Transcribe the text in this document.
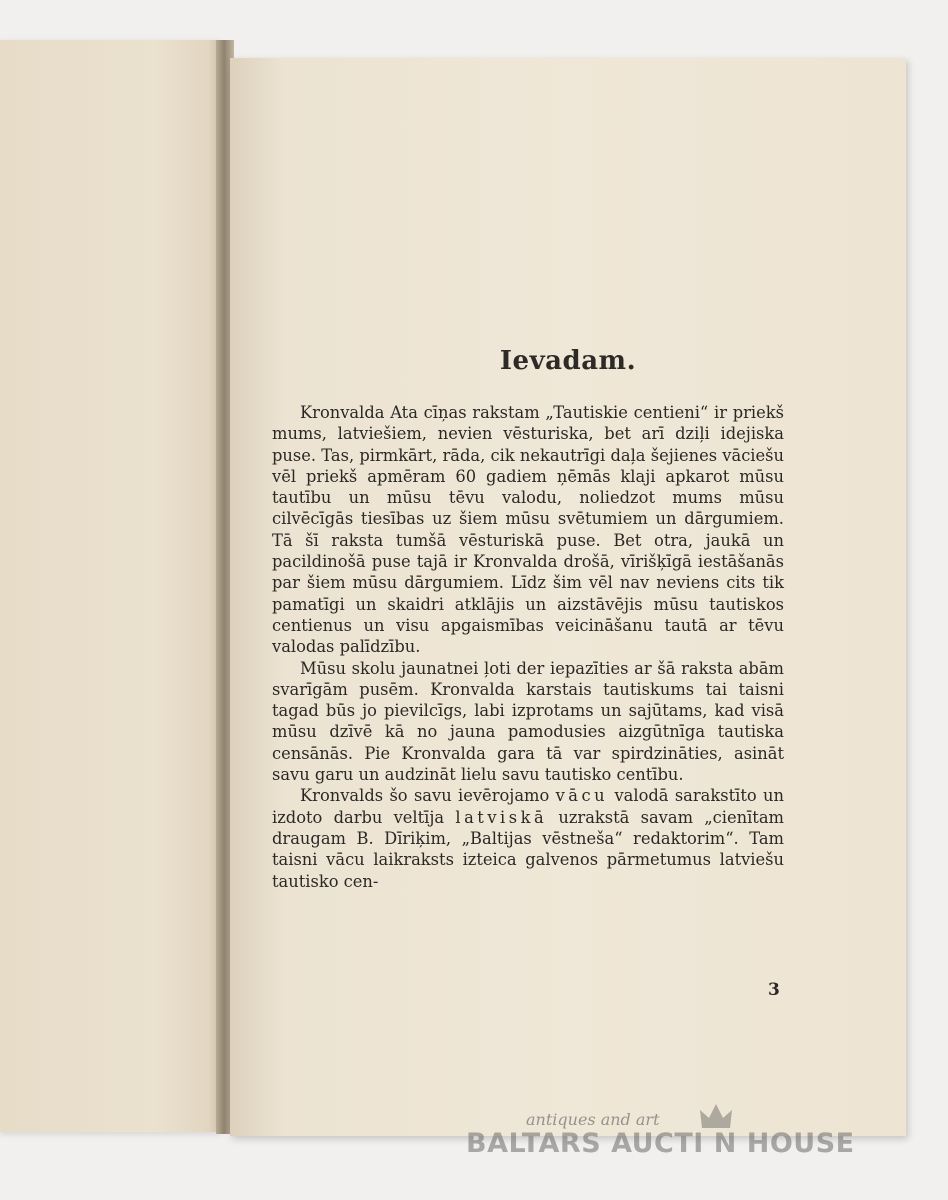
Ievadam.

Kronvalda Ata cīņas rakstam „Tautiskie centieni“ ir priekš mums, latviešiem, nevien vēsturiska, bet arī dziļi idejiska puse. Tas, pirmkārt, rāda, cik nekautrīgi daļa šejienes vāciešu vēl priekš apmēram 60 gadiem ņēmās klaji apkarot mūsu tautību un mūsu tēvu valodu, noliedzot mums mūsu cilvēcīgās tiesības uz šiem mūsu svētumiem un dārgumiem. Tā šī raksta tumšā vēsturiskā puse. Bet otra, jaukā un pacildinošā puse tajā ir Kronvalda drošā, vīrišķīgā iestāšanās par šiem mūsu dārgumiem. Līdz šim vēl nav neviens cits tik pamatīgi un skaidri atklājis un aizstāvējis mūsu tautiskos centienus un visu apgaismības veicināšanu tautā ar tēvu valodas palīdzību.

Mūsu skolu jaunatnei ļoti der iepazīties ar šā raksta abām svarīgām pusēm. Kronvalda karstais tautiskums tai taisni tagad būs jo pievilcīgs, labi izprotams un sajūtams, kad visā mūsu dzīvē kā no jauna pamodusies aizgūtnīga tautiska censānās. Pie Kronvalda gara tā var spirdzināties, asināt savu garu un audzināt lielu savu tautisko centību.

Kronvalds šo savu ievērojamo vācu valodā sarakstīto un izdoto darbu veltīja latviskā uzrakstā savam „cienītam draugam B. Dīriķim, „Baltijas vēstneša“ redaktorim“. Tam taisni vācu laikraksts izteica galvenos pārmetumus latviešu tautisko cen-

3
antiques and art
BALTARS AUCTI N HOUSE
